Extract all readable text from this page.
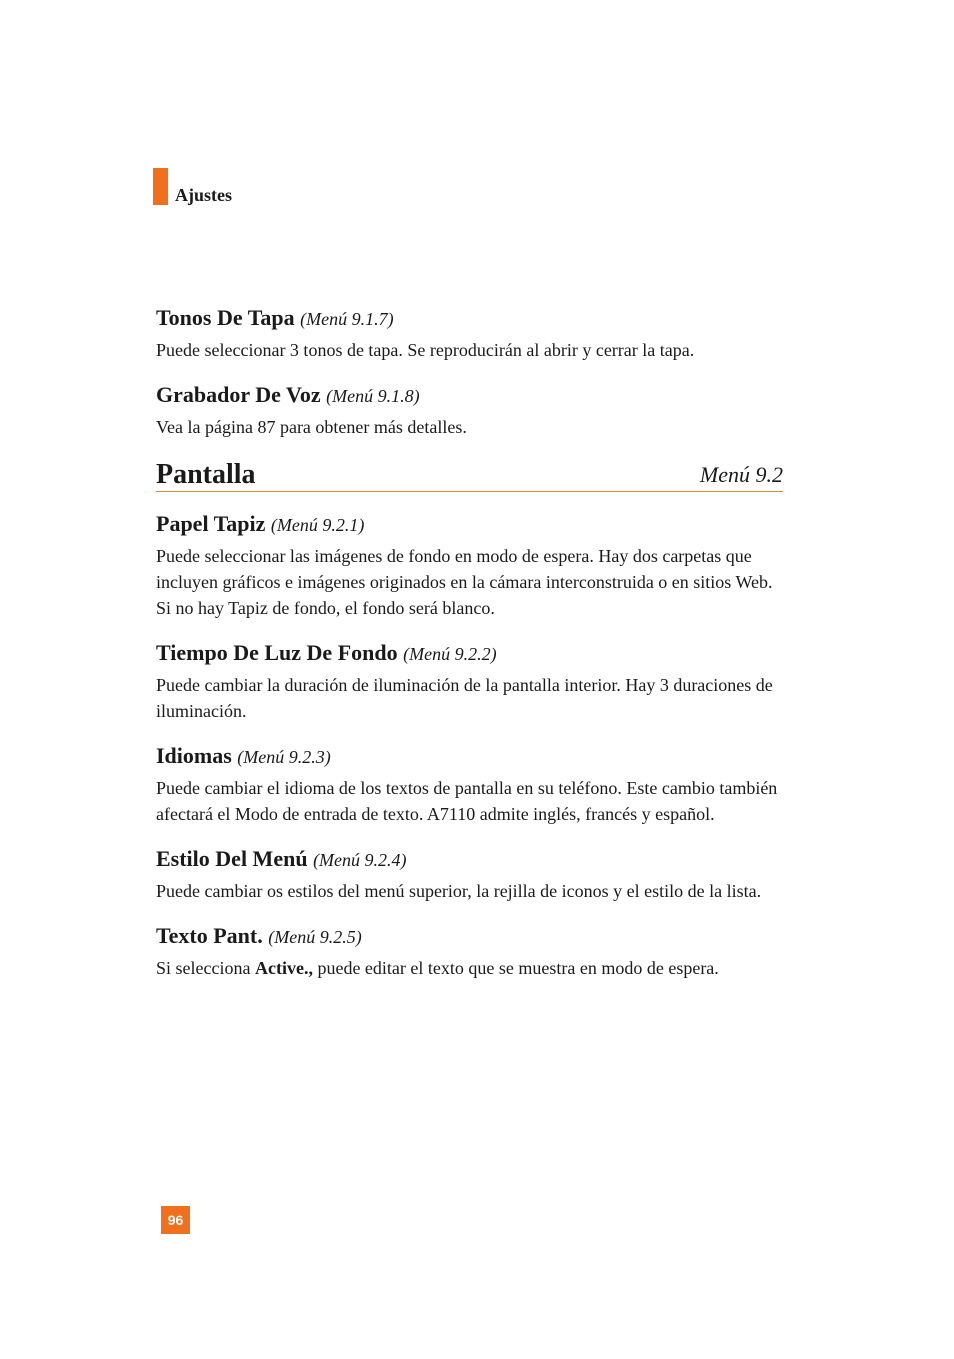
Ajustes

Tonos De Tapa (Menú 9.1.7)

Puede seleccionar 3 tonos de tapa. Se reproducirán al abrir y cerrar la tapa.

Grabador De Voz (Menú 9.1.8)

Vea la página 87 para obtener más detalles.

Pantalla	Menú 9.2

Papel Tapiz (Menú 9.2.1)

Puede seleccionar las imágenes de fondo en modo de espera. Hay dos carpetas que incluyen gráficos e imágenes originados en la cámara interconstruida o en sitios Web. Si no hay Tapiz de fondo, el fondo será blanco.

Tiempo De Luz De Fondo (Menú 9.2.2)

Puede cambiar la duración de iluminación de la pantalla interior. Hay 3 duraciones de iluminación.

Idiomas (Menú 9.2.3)

Puede cambiar el idioma de los textos de pantalla en su teléfono. Este cambio también afectará el Modo de entrada de texto. A7110 admite inglés, francés y español.

Estilo Del Menú (Menú 9.2.4)

Puede cambiar os estilos del menú superior, la rejilla de iconos y el estilo de la lista.

Texto Pant. (Menú 9.2.5)

Si selecciona Active., puede editar el texto que se muestra en modo de espera.

96
